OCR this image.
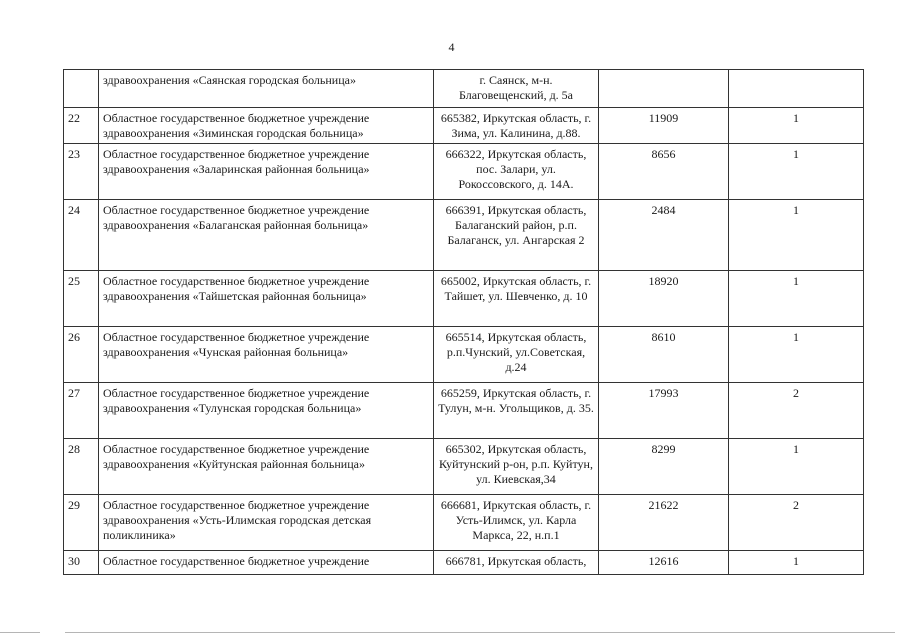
4
	здравоохранения «Саянская городская больница»	г. Саянск, м-н. Благовещенский, д. 5а		
22	Областное государственное бюджетное учреждение здравоохранения «Зиминская городская больница»	665382, Иркутская область, г. Зима, ул. Калинина, д.88.	11909	1
23	Областное государственное бюджетное учреждение здравоохранения «Заларинская районная больница»	666322, Иркутская область, пос. Залари, ул. Рокоссовского, д. 14А.	8656	1
24	Областное государственное бюджетное учреждение здравоохранения «Балаганская районная больница»	666391, Иркутская область, Балаганский район, р.п. Балаганск, ул. Ангарская 2	2484	1
25	Областное государственное бюджетное учреждение здравоохранения «Тайшетская районная больница»	665002, Иркутская область, г. Тайшет, ул. Шевченко, д. 10	18920	1
26	Областное государственное бюджетное учреждение здравоохранения «Чунская районная больница»	665514, Иркутская область, р.п.Чунский, ул.Советская, д.24	8610	1
27	Областное государственное бюджетное учреждение здравоохранения «Тулунская городская больница»	665259, Иркутская область, г. Тулун, м-н. Угольщиков, д. 35.	17993	2
28	Областное государственное бюджетное учреждение здравоохранения «Куйтунская районная больница»	665302, Иркутская область, Куйтунский р-он, р.п. Куйтун, ул. Киевская,34	8299	1
29	Областное государственное бюджетное учреждение здравоохранения «Усть-Илимская городская детская поликлиника»	666681, Иркутская область, г. Усть-Илимск, ул. Карла Маркса, 22, н.п.1	21622	2
30	Областное государственное бюджетное учреждение	666781, Иркутская область,	12616	1
